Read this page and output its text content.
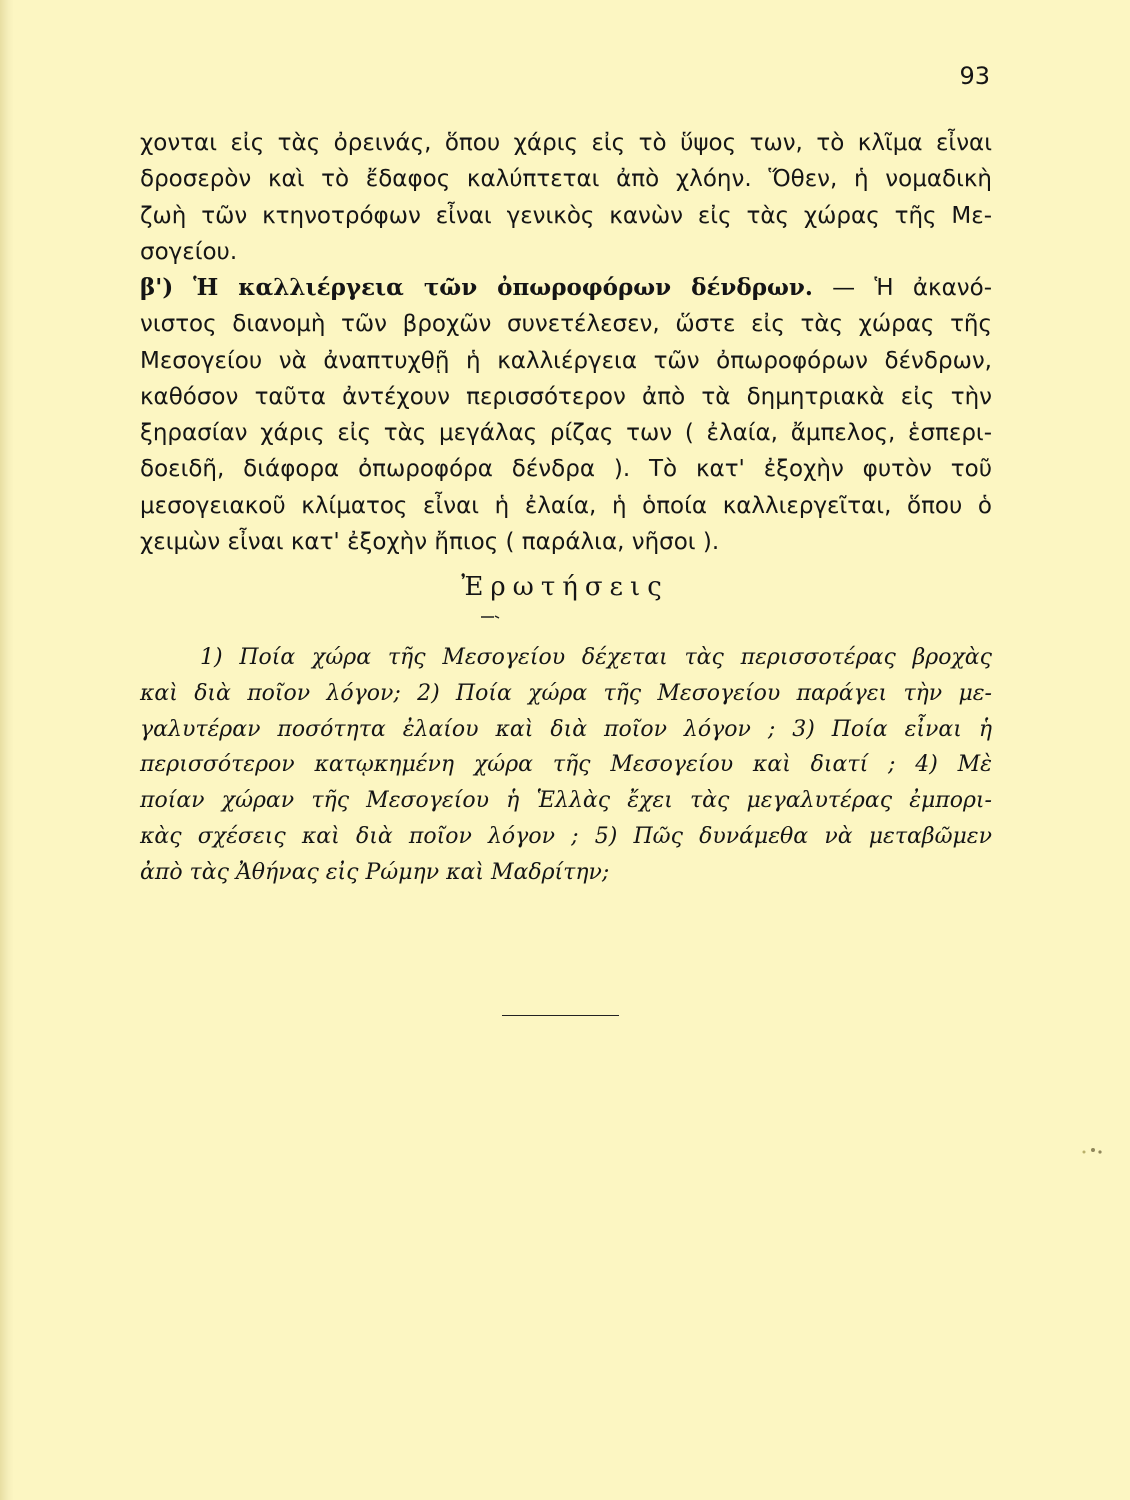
93
χονται εἰς τὰς ὀρεινάς, ὅπου χάρις εἰς τὸ ὕψος των, τὸ κλῖμα εἶναι
δροσερὸν καὶ τὸ ἔδαφος καλύπτεται ἀπὸ χλόην. Ὅθεν, ἡ νομαδικὴ
ζωὴ τῶν κτηνοτρόφων εἶναι γενικὸς κανὼν εἰς τὰς χώρας τῆς Με-
σογείου.
β') Ἡ καλλιέργεια τῶν ὀπωροφόρων δένδρων. — Ἡ ἀκανό-
νιστος διανομὴ τῶν βροχῶν συνετέλεσεν, ὥστε εἰς τὰς χώρας τῆς
Μεσογείου νὰ ἀναπτυχθῇ ἡ καλλιέργεια τῶν ὀπωροφόρων δένδρων,
καθόσον ταῦτα ἀντέχουν περισσότερον ἀπὸ τὰ δημητριακὰ εἰς τὴν
ξηρασίαν χάρις εἰς τὰς μεγάλας ρίζας των ( ἐλαία, ἄμπελος, ἑσπερι-
δοειδῆ, διάφορα ὀπωροφόρα δένδρα ). Τὸ κατ' ἐξοχὴν φυτὸν τοῦ
μεσογειακοῦ κλίματος εἶναι ἡ ἐλαία, ἡ ὁποία καλλιεργεῖται, ὅπου ὁ
χειμὼν εἶναι κατ' ἐξοχὴν ἤπιος ( παράλια, νῆσοι ).
Ἐρωτήσεις
1) Ποία χώρα τῆς Μεσογείου δέχεται τὰς περισσοτέρας βροχὰς
καὶ διὰ ποῖον λόγον; 2) Ποία χώρα τῆς Μεσογείου παράγει τὴν με-
γαλυτέραν ποσότητα ἐλαίου καὶ διὰ ποῖον λόγον ; 3) Ποία εἶναι ἡ
περισσότερον κατῳκημένη χώρα τῆς Μεσογείου καὶ διατί ; 4) Μὲ
ποίαν χώραν τῆς Μεσογείου ἡ Ἑλλὰς ἔχει τὰς μεγαλυτέρας ἐμπορι-
κὰς σχέσεις καὶ διὰ ποῖον λόγον ; 5) Πῶς δυνάμεθα νὰ μεταβῶμεν
ἀπὸ τὰς Ἀθήνας εἰς Ρώμην καὶ Μαδρίτην;
